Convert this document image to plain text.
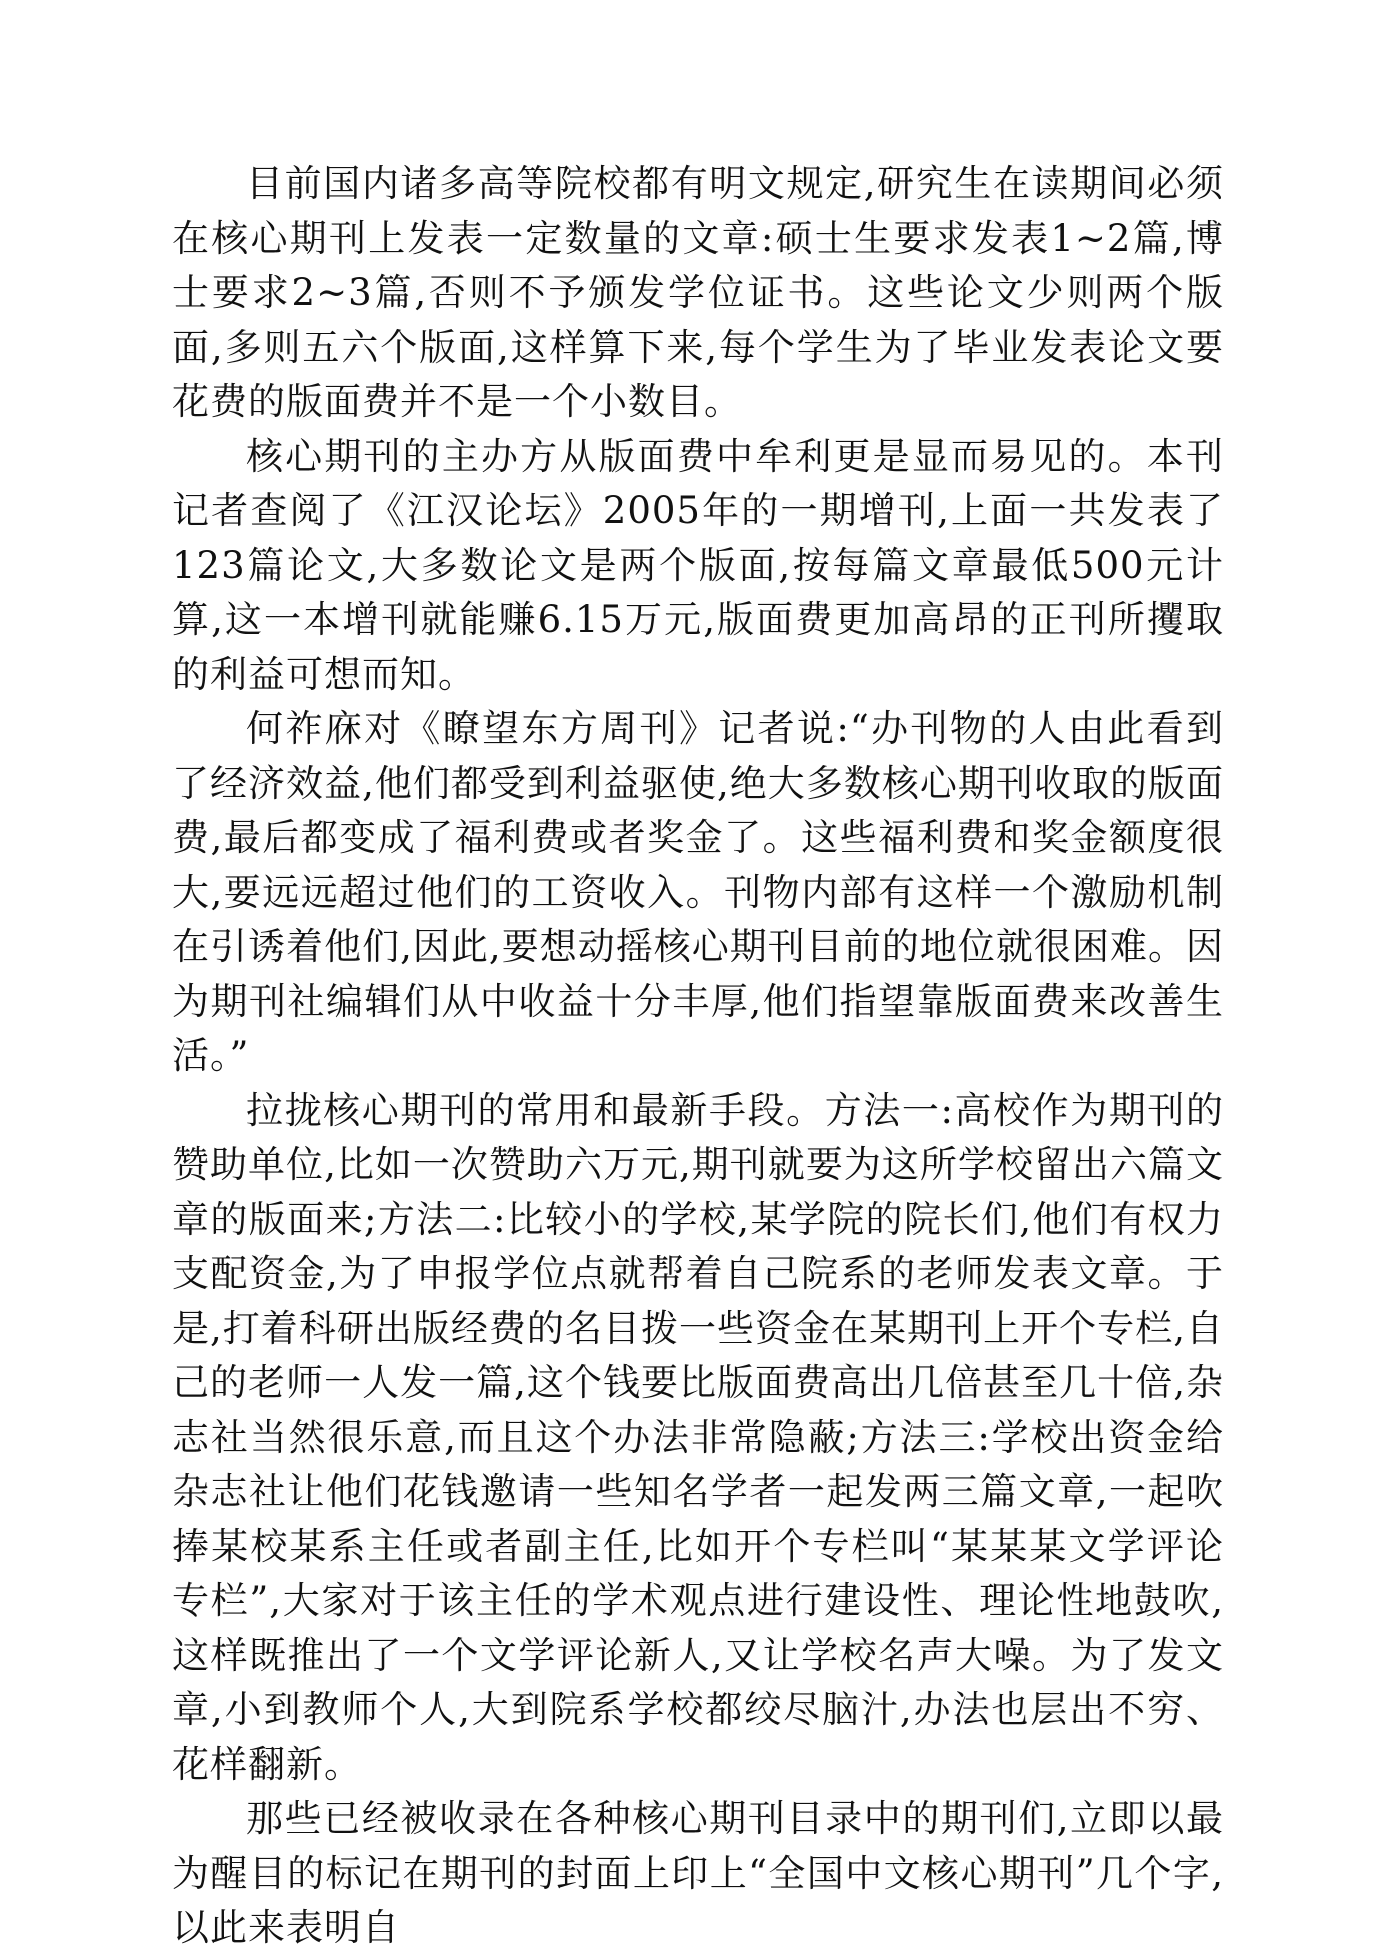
目前国内诸多高等院校都有明文规定,研究生在读期间必须在核心期刊上发表一定数量的文章:硕士生要求发表1~2篇,博士要求2~3篇,否则不予颁发学位证书。这些论文少则两个版面,多则五六个版面,这样算下来,每个学生为了毕业发表论文要花费的版面费并不是一个小数目。

核心期刊的主办方从版面费中牟利更是显而易见的。本刊记者查阅了《江汉论坛》2005年的一期增刊,上面一共发表了123篇论文,大多数论文是两个版面,按每篇文章最低500元计算,这一本增刊就能赚6.15万元,版面费更加高昂的正刊所攫取的利益可想而知。

何祚庥对《瞭望东方周刊》记者说:“办刊物的人由此看到了经济效益,他们都受到利益驱使,绝大多数核心期刊收取的版面费,最后都变成了福利费或者奖金了。这些福利费和奖金额度很大,要远远超过他们的工资收入。刊物内部有这样一个激励机制在引诱着他们,因此,要想动摇核心期刊目前的地位就很困难。因为期刊社编辑们从中收益十分丰厚,他们指望靠版面费来改善生活。”

拉拢核心期刊的常用和最新手段。方法一:高校作为期刊的赞助单位,比如一次赞助六万元,期刊就要为这所学校留出六篇文章的版面来;方法二:比较小的学校,某学院的院长们,他们有权力支配资金,为了申报学位点就帮着自己院系的老师发表文章。于是,打着科研出版经费的名目拨一些资金在某期刊上开个专栏,自己的老师一人发一篇,这个钱要比版面费高出几倍甚至几十倍,杂志社当然很乐意,而且这个办法非常隐蔽;方法三:学校出资金给杂志社让他们花钱邀请一些知名学者一起发两三篇文章,一起吹捧某校某系主任或者副主任,比如开个专栏叫“某某某文学评论专栏”,大家对于该主任的学术观点进行建设性、理论性地鼓吹,这样既推出了一个文学评论新人,又让学校名声大噪。为了发文章,小到教师个人,大到院系学校都绞尽脑汁,办法也层出不穷、花样翻新。

那些已经被收录在各种核心期刊目录中的期刊们,立即以最为醒目的标记在期刊的封面上印上“全国中文核心期刊”几个字,以此来表明自
